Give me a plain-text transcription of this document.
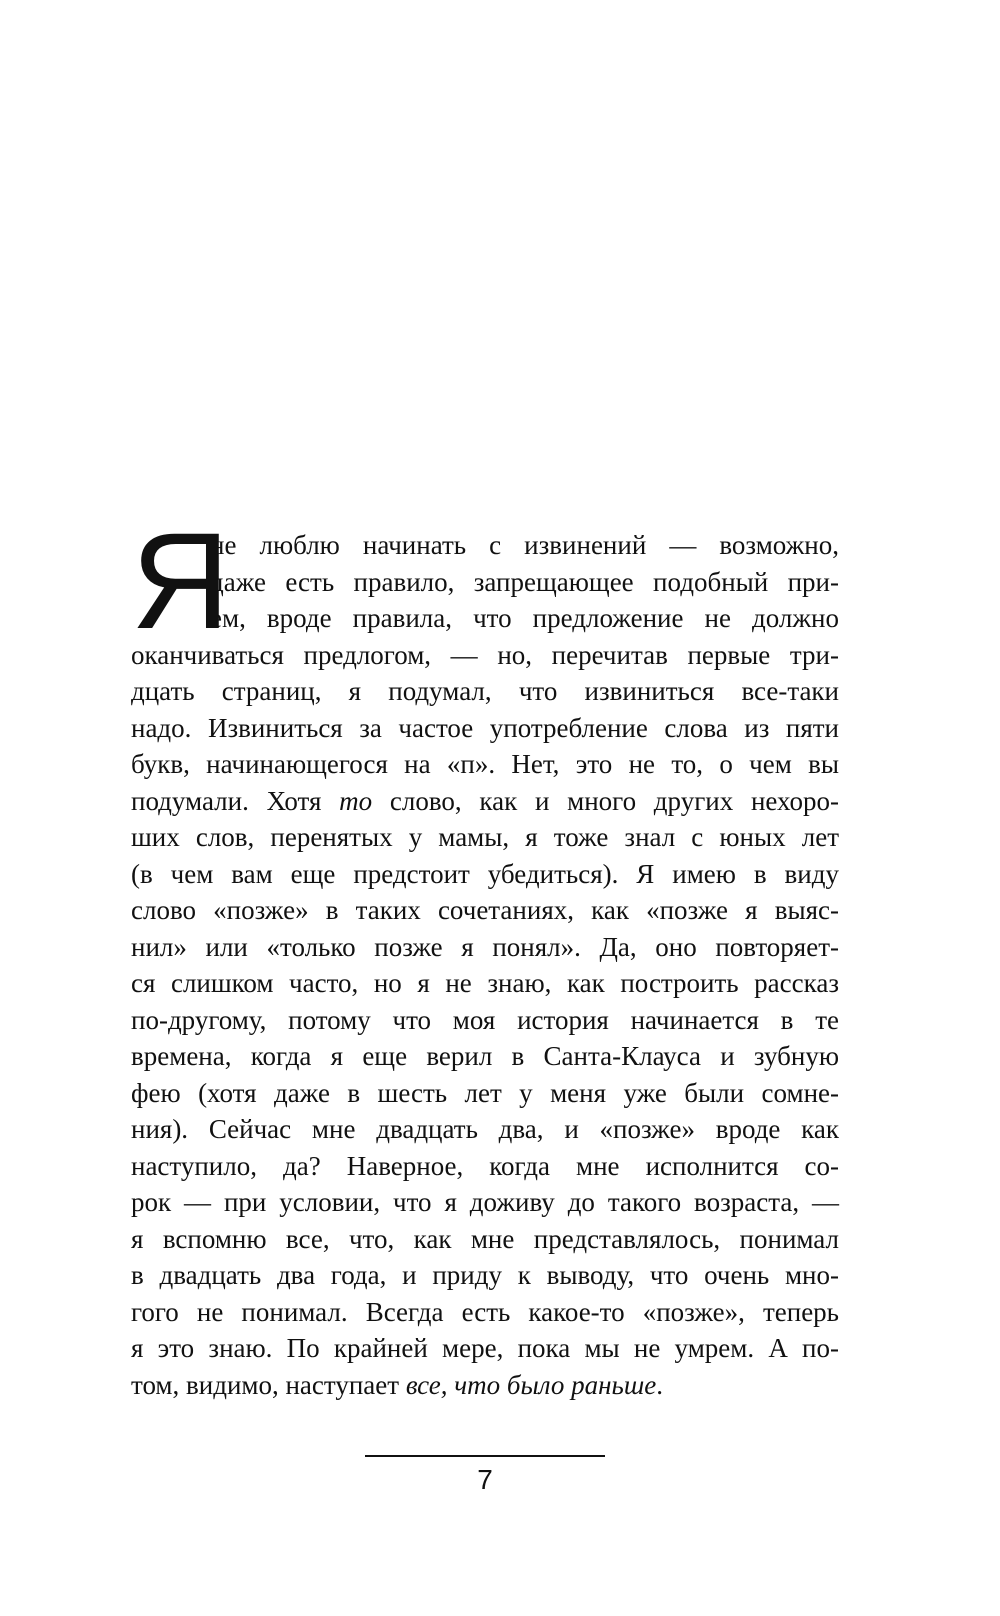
Я
не люблю начинать с извинений — возможно,
даже есть правило, запрещающее подобный при-
ем, вроде правила, что предложение не должно
оканчиваться предлогом, — но, перечитав первые три-
дцать страниц, я подумал, что извиниться все-таки
надо. Извиниться за частое употребление слова из пяти
букв, начинающегося на «п». Нет, это не то, о чем вы
подумали. Хотя то слово, как и много других нехоро-
ших слов, перенятых у мамы, я тоже знал с юных лет
(в чем вам еще предстоит убедиться). Я имею в виду
слово «позже» в таких сочетаниях, как «позже я выяс-
нил» или «только позже я понял». Да, оно повторяет-
ся слишком часто, но я не знаю, как построить рассказ
по-другому, потому что моя история начинается в те
времена, когда я еще верил в Санта-Клауса и зубную
фею (хотя даже в шесть лет у меня уже были сомне-
ния). Сейчас мне двадцать два, и «позже» вроде как
наступило, да? Наверное, когда мне исполнится со-
рок — при условии, что я доживу до такого возраста, —
я вспомню все, что, как мне представлялось, понимал
в двадцать два года, и приду к выводу, что очень мно-
гого не понимал. Всегда есть какое-то «позже», теперь
я это знаю. По крайней мере, пока мы не умрем. А по-
том, видимо, наступает все, что было раньше.
7
